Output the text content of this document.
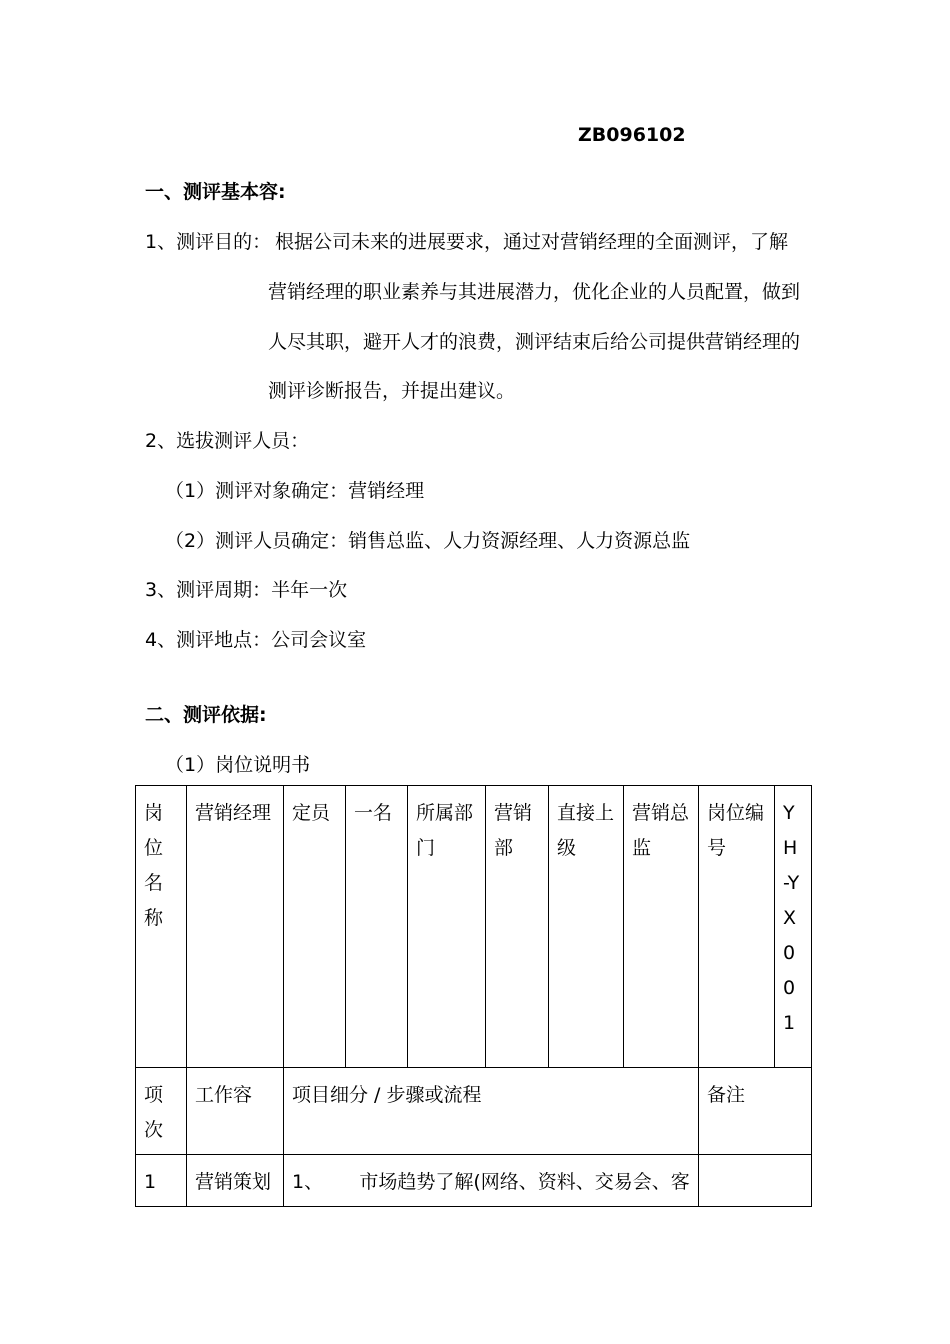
ZB096102
一、测评基本容:
1、测评目的： 根据公司未来的进展要求，通过对营销经理的全面测评，了解
营销经理的职业素养与其进展潜力，优化企业的人员配置，做到
人尽其职，避开人才的浪费，测评结束后给公司提供营销经理的
测评诊断报告，并提出建议。
2、选拔测评人员：
（1）测评对象确定：营销经理
（2）测评人员确定：销售总监、人力资源经理、人力资源总监
3、测评周期：半年一次
4、测评地点：公司会议室
二、测评依据:
（1）岗位说明书
岗位名称	营销经理	定员	一名	所属部门	营销部	直接上级	营销总监	岗位编号	YH-YX001
项次	工作容	项目细分 / 步骤或流程						备注	
1	营销策划	1、      市场趋势了解(网络、资料、交易会、客							
